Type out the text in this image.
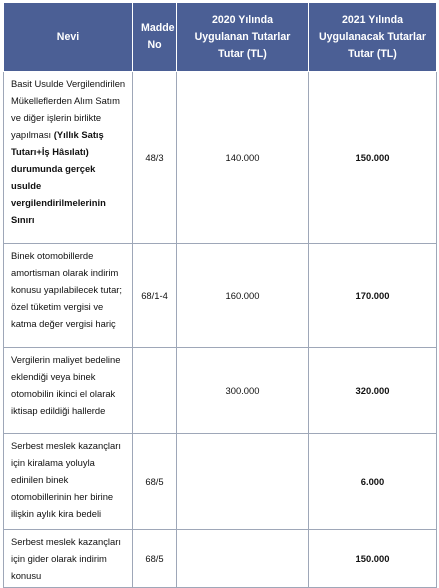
Nevi	Madde No	2020 Yılında Uygulanan Tutarlar Tutar (TL)	2021 Yılında Uygulanacak Tutarlar Tutar (TL)
Basit Usulde Vergilendirilen Mükelleflerden Alım Satım ve diğer işlerin birlikte yapılması (Yıllık Satış Tutarı+İş Hâsılatı) durumunda gerçek usulde vergilendirilmelerinin Sınırı	48/3	140.000	150.000
Binek otomobillerde amortisman olarak indirim konusu yapılabilecek tutar; özel tüketim vergisi ve katma değer vergisi hariç	68/1-4	160.000	170.000
Vergilerin maliyet bedeline eklendiği veya binek otomobilin ikinci el olarak iktisap edildiği hallerde		300.000	320.000
Serbest meslek kazançları için kiralama yoluyla edinilen binek otomobillerinin her birine ilişkin aylık kira bedeli	68/5		6.000
Serbest meslek kazançları için gider olarak indirim konusu	68/5		150.000
